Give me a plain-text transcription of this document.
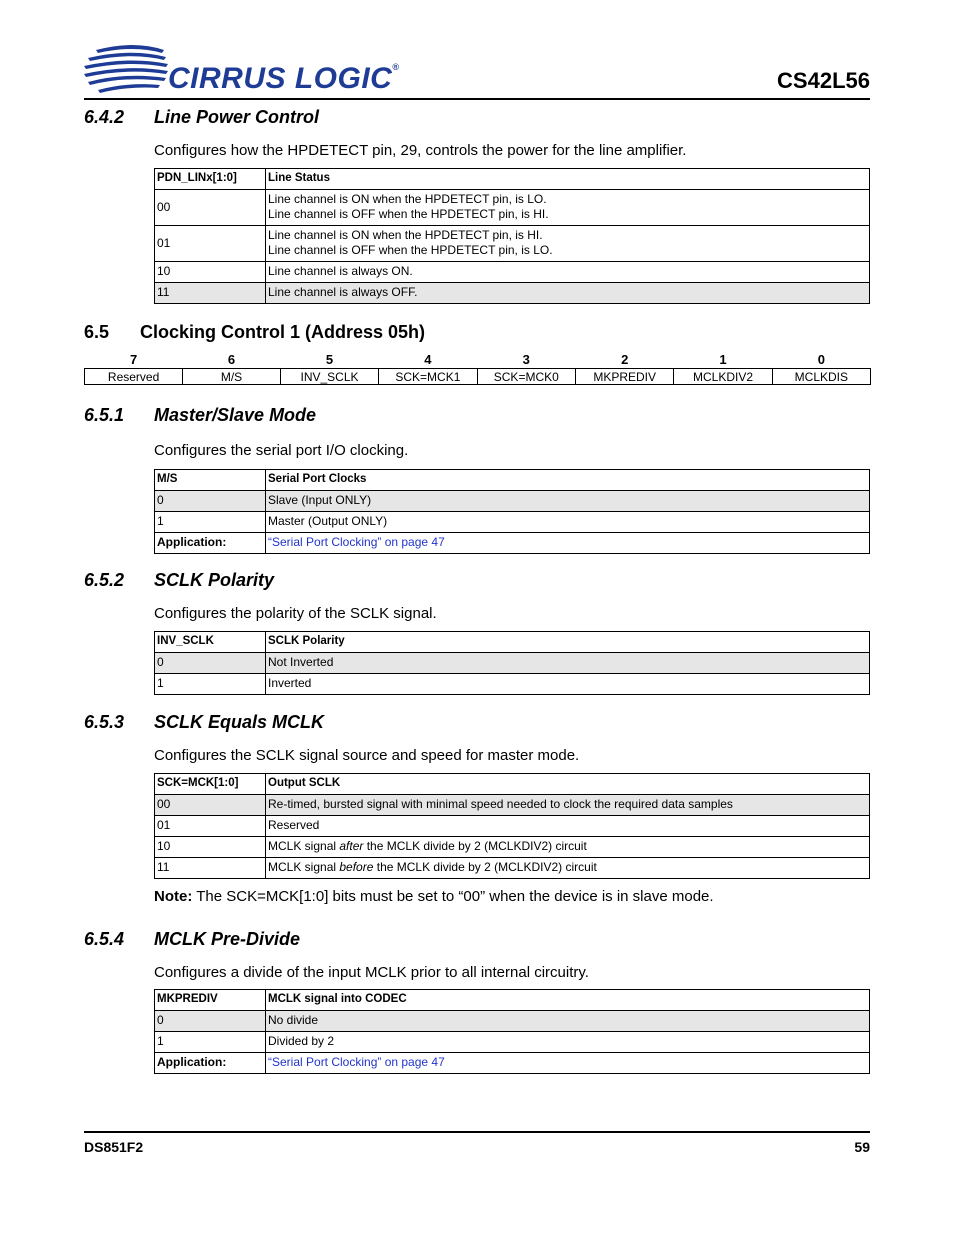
CIRRUS LOGIC®
CS42L56
6.4.2 Line Power Control
Configures how the HPDETECT pin, 29, controls the power for the line amplifier.
PDN_LINx[1:0]	Line Status
00	Line channel is ON when the HPDETECT pin, is LO.
Line channel is OFF when the HPDETECT pin, is HI.

01	Line channel is ON when the HPDETECT pin, is HI.
Line channel is OFF when the HPDETECT pin, is LO.

10	Line channel is always ON.
11	Line channel is always OFF.
6.5 Clocking Control 1 (Address 05h)
7	6	5	4	3	2	1	0
Reserved	M/S	INV_SCLK	SCK=MCK1	SCK=MCK0	MKPREDIV	MCLKDIV2	MCLKDIS
6.5.1 Master/Slave Mode
Configures the serial port I/O clocking.
M/S	Serial Port Clocks
0	Slave (Input ONLY)
1	Master (Output ONLY)
Application:	“Serial Port Clocking” on page 47
6.5.2 SCLK Polarity
Configures the polarity of the SCLK signal.
INV_SCLK	SCLK Polarity
0	Not Inverted
1	Inverted
6.5.3 SCLK Equals MCLK
Configures the SCLK signal source and speed for master mode.
SCK=MCK[1:0]	Output SCLK
00	Re-timed, bursted signal with minimal speed needed to clock the required data samples
01	Reserved
10	MCLK signal after the MCLK divide by 2 (MCLKDIV2) circuit
11	MCLK signal before the MCLK divide by 2 (MCLKDIV2) circuit
Note: The SCK=MCK[1:0] bits must be set to “00” when the device is in slave mode.
6.5.4 MCLK Pre-Divide
Configures a divide of the input MCLK prior to all internal circuitry.
MKPREDIV	MCLK signal into CODEC
0	No divide
1	Divided by 2
Application:	“Serial Port Clocking” on page 47
DS851F2	59
